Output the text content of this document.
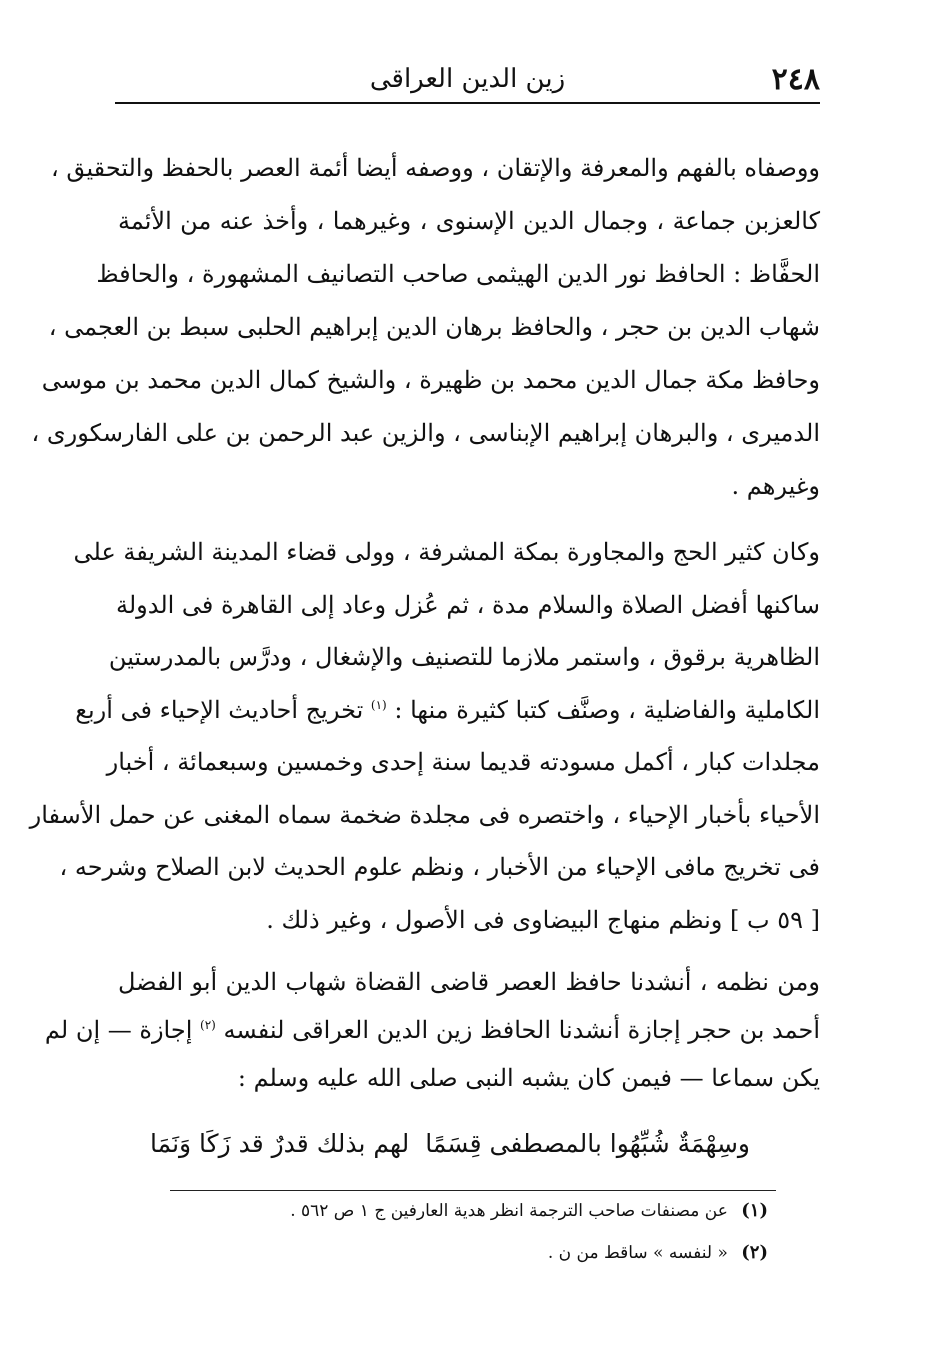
٢٤٨
زين الدين العراقى
ووصفاه بالفهم والمعرفة والإتقان ، ووصفه أيضا أئمة العصر بالحفظ والتحقيق ،
كالعزبن جماعة ، وجمال الدين الإسنوى ، وغيرهما ، وأخذ عنه من الأئمة
الحفَّاظ : الحافظ نور الدين الهيثمى صاحب التصانيف المشهورة ، والحافظ
شهاب الدين بن حجر ، والحافظ برهان الدين إبراهيم الحلبى سبط بن العجمى ،
وحافظ مكة جمال الدين محمد بن ظهيرة ، والشيخ كمال الدين محمد بن موسى
الدميرى ، والبرهان إبراهيم الإبناسى ، والزين عبد الرحمن بن على الفارسكورى ،
وغيرهم .
وكان كثير الحج والمجاورة بمكة المشرفة ، وولى قضاء المدينة الشريفة على
ساكنها أفضل الصلاة والسلام مدة ، ثم عُزل وعاد إلى القاهرة فى الدولة
الظاهرية برقوق ، واستمر ملازما للتصنيف والإشغال ، ودرَّس بالمدرستين
الكاملية والفاضلية ، وصنَّف كتبا كثيرة منها : $^{(١)}$ تخريج أحاديث الإحياء فى أربع
مجلدات كبار ، أكمل مسودته قديما سنة إحدى وخمسين وسبعمائة ، أخبار
الأحياء بأخبار الإحياء ، واختصره فى مجلدة ضخمة سماه المغنى عن حمل الأسفار
فى تخريج مافى الإحياء من الأخبار ، ونظم علوم الحديث لابن الصلاح وشرحه ،
[ ٥٩ ب ] ونظم منهاج البيضاوى فى الأصول ، وغير ذلك .
ومن نظمه ، أنشدنا حافظ العصر قاضى القضاة شهاب الدين أبو الفضل
أحمد بن حجر إجازة أنشدنا الحافظ زين الدين العراقى لنفسه $^{(٢)}$ إجازة — إن لم
يكن سماعا — فيمن كان يشبه النبى صلى الله عليه وسلم :
وسِهْمَةٌ شُبِّهُوا بالمصطفى قِسَمًا
لهم بذلك قدرٌ قد زَكَا وَنَمَا
(١) عن مصنفات صاحب الترجمة انظر هدية العارفين ج ١ ص ٥٦٢ .
(٢) « لنفسه » ساقط من ن .
